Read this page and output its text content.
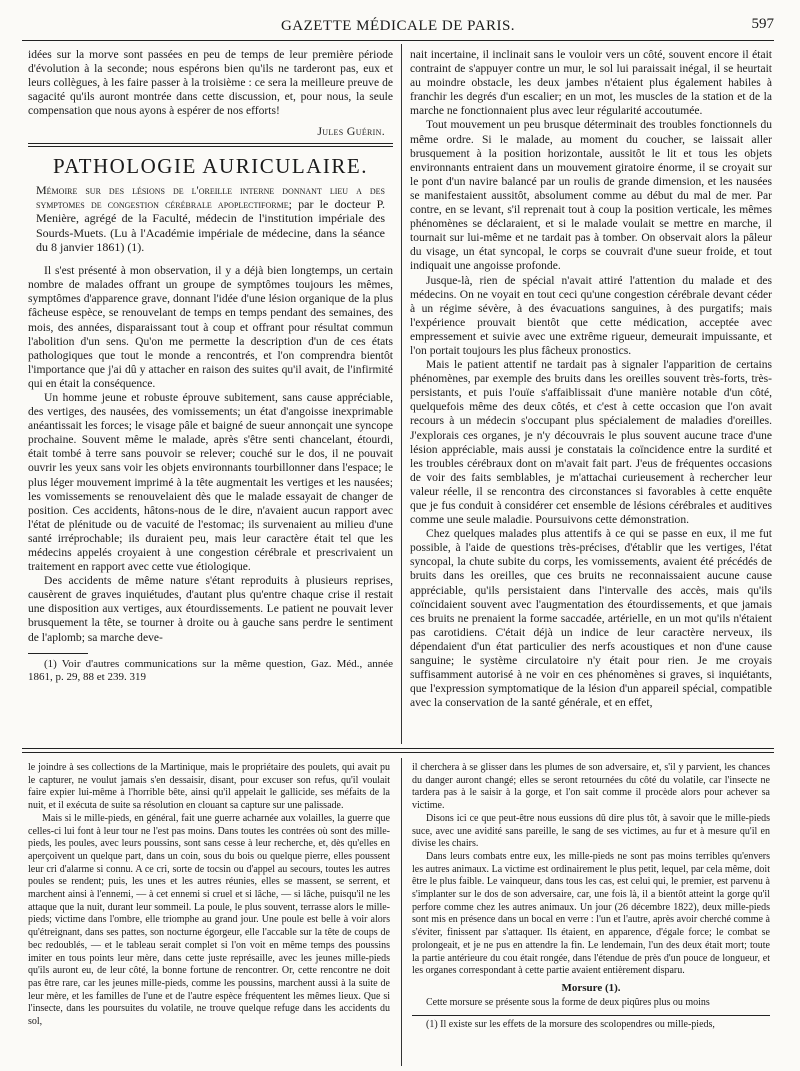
GAZETTE MÉDICALE DE PARIS.	597

idées sur la morve sont passées en peu de temps de leur première période d'évolution à la seconde; nous espérons bien qu'ils ne tarderont pas, eux et leurs collègues, à les faire passer à la troisième : ce sera la meilleure preuve de sagacité qu'ils auront montrée dans cette discussion, et, pour nous, la seule compensation que nous ayons à espérer de nos efforts!

Jules Guérin.

PATHOLOGIE AURICULAIRE.

Mémoire sur des lésions de l'oreille interne donnant lieu a des symptomes de congestion cérébrale apoplectiforme; par le docteur P. Menière, agrégé de la Faculté, médecin de l'institution impériale des Sourds-Muets. (Lu à l'Académie impériale de médecine, dans la séance du 8 janvier 1861) (1).

Il s'est présenté à mon observation, il y a déjà bien longtemps, un certain nombre de malades offrant un groupe de symptômes toujours les mêmes, symptômes d'apparence grave, donnant l'idée d'une lésion organique de la plus fâcheuse espèce, se renouvelant de temps en temps pendant des semaines, des mois, des années, disparaissant tout à coup et offrant pour résultat commun l'abolition d'un sens. Qu'on me permette la description d'un de ces états pathologiques que tout le monde a rencontrés, et l'on comprendra bientôt l'importance que j'ai dû y attacher en raison des suites qu'il avait, de l'infirmité qui en était la conséquence.

Un homme jeune et robuste éprouve subitement, sans cause appréciable, des vertiges, des nausées, des vomissements; un état d'angoisse inexprimable anéantissait les forces; le visage pâle et baigné de sueur annonçait une syncope prochaine. Souvent même le malade, après s'être senti chancelant, étourdi, était tombé à terre sans pouvoir se relever; couché sur le dos, il ne pouvait ouvrir les yeux sans voir les objets environnants tourbillonner dans l'espace; le plus léger mouvement imprimé à la tête augmentait les vertiges et les nausées; les vomissements se renouvelaient dès que le malade essayait de changer de position. Ces accidents, hâtons-nous de le dire, n'avaient aucun rapport avec l'état de plénitude ou de vacuité de l'estomac; ils survenaient au milieu d'une santé irréprochable; ils duraient peu, mais leur caractère était tel que les médecins appelés croyaient à une congestion cérébrale et prescrivaient un traitement en rapport avec cette vue étiologique.

Des accidents de même nature s'étant reproduits à plusieurs reprises, causèrent de graves inquiétudes, d'autant plus qu'entre chaque crise il restait une disposition aux vertiges, aux étourdissements. Le patient ne pouvait lever brusquement la tête, se tourner à droite ou à gauche sans perdre le sentiment de l'aplomb; sa marche deve-

(1) Voir d'autres communications sur la même question, Gaz. Méd., année 1861, p. 29, 88 et 239. 319

nait incertaine, il inclinait sans le vouloir vers un côté, souvent encore il était contraint de s'appuyer contre un mur, le sol lui paraissait inégal, il se heurtait au moindre obstacle, les deux jambes n'étaient plus également habiles à franchir les degrés d'un escalier; en un mot, les muscles de la station et de la marche ne fonctionnaient plus avec leur régularité accoutumée.

Tout mouvement un peu brusque déterminait des troubles fonctionnels du même ordre. Si le malade, au moment du coucher, se laissait aller brusquement à la position horizontale, aussitôt le lit et tous les objets environnants entraient dans un mouvement giratoire énorme, il se croyait sur le pont d'un navire balancé par un roulis de grande dimension, et les nausées se manifestaient aussitôt, absolument comme au début du mal de mer. Par contre, en se levant, s'il reprenait tout à coup la position verticale, les mêmes phénomènes se déclaraient, et si le malade voulait se mettre en marche, il tournait sur lui-même et ne tardait pas à tomber. On observait alors la pâleur du visage, un état syncopal, le corps se couvrait d'une sueur froide, et tout indiquait une angoisse profonde.

Jusque-là, rien de spécial n'avait attiré l'attention du malade et des médecins. On ne voyait en tout ceci qu'une congestion cérébrale devant céder à un régime sévère, à des évacuations sanguines, à des purgatifs; mais l'expérience prouvait bientôt que cette médication, acceptée avec empressement et suivie avec une extrême rigueur, demeurait impuissante, et l'on portait toujours les plus fâcheux pronostics.

Mais le patient attentif ne tardait pas à signaler l'apparition de certains phénomènes, par exemple des bruits dans les oreilles souvent très-forts, très-persistants, et puis l'ouïe s'affaiblissait d'une manière notable d'un côté, quelquefois même des deux côtés, et c'est à cette occasion que l'on avait recours à un médecin s'occupant plus spécialement de maladies d'oreilles. J'explorais ces organes, je n'y découvrais le plus souvent aucune trace d'une lésion appréciable, mais aussi je constatais la coïncidence entre la surdité et les troubles cérébraux dont on m'avait fait part. J'eus de fréquentes occasions de voir des faits semblables, je m'attachai curieusement à rechercher leur valeur réelle, il se rencontra des circonstances si favorables à cette enquête que je fus conduit à considérer cet ensemble de lésions cérébrales et auditives comme une seule maladie. Poursuivons cette démonstration.

Chez quelques malades plus attentifs à ce qui se passe en eux, il me fut possible, à l'aide de questions très-précises, d'établir que les vertiges, l'état syncopal, la chute subite du corps, les vomissements, avaient été précédés de bruits dans les oreilles, que ces bruits ne reconnaissaient aucune cause appréciable, qu'ils persistaient dans l'intervalle des accès, mais qu'ils coïncidaient souvent avec l'augmentation des étourdissements, et que jamais ces bruits ne prenaient la forme saccadée, artérielle, en un mot qu'ils n'étaient pas carotidiens. C'était déjà un indice de leur caractère nerveux, ils dépendaient d'un état particulier des nerfs acoustiques et non d'une cause sanguine; le système circulatoire n'y était pour rien. Je me croyais suffisamment autorisé à ne voir en ces phénomènes si graves, si inquiétants, que l'expression symptomatique de la lésion d'un appareil spécial, compatible avec la conservation de la santé générale, et en effet,

le joindre à ses collections de la Martinique, mais le propriétaire des poulets, qui avait pu le capturer, ne voulut jamais s'en dessaisir, disant, pour excuser son refus, qu'il voulait faire expier lui-même à l'horrible bête, ainsi qu'il appelait le gallicide, ses méfaits de la nuit, et il exécuta de suite sa résolution en clouant sa capture sur une palissade.

Mais si le mille-pieds, en général, fait une guerre acharnée aux volailles, la guerre que celles-ci lui font à leur tour ne l'est pas moins. Dans toutes les contrées où sont des mille-pieds, les poules, avec leurs poussins, sont sans cesse à leur recherche, et, dès qu'elles en aperçoivent un quelque part, dans un coin, sous du bois ou quelque pierre, elles poussent leur cri d'alarme si connu. A ce cri, sorte de tocsin ou d'appel au secours, toutes les autres poules se rendent; puis, les unes et les autres réunies, elles se massent, se serrent, et marchent ainsi à l'ennemi, — à cet ennemi si cruel et si lâche, — si lâche, puisqu'il ne les attaque que la nuit, durant leur sommeil. La poule, le plus souvent, terrasse alors le mille-pieds; victime dans l'ombre, elle triomphe au grand jour. Une poule est belle à voir alors qu'étreignant, dans ses pattes, son nocturne égorgeur, elle l'accable sur la tête de coups de bec redoublés, — et le tableau serait complet si l'on voit en même temps des poussins imiter en tous points leur mère, dans cette juste représaille, avec les jeunes mille-pieds qu'ils auront eu, de leur côté, la bonne fortune de rencontrer. Or, cette rencontre ne doit pas être rare, car les jeunes mille-pieds, comme les poussins, marchent aussi à la suite de leur mère, et les familles de l'une et de l'autre espèce fréquentent les mêmes lieux. Que si l'insecte, dans les poursuites du volatile, ne trouve quelque refuge dans les accidents du sol,

il cherchera à se glisser dans les plumes de son adversaire, et, s'il y parvient, les chances du danger auront changé; elles se seront retournées du côté du volatile, car l'insecte ne tardera pas à le saisir à la gorge, et l'on sait comme il procède alors pour achever sa victime.

Disons ici ce que peut-être nous eussions dû dire plus tôt, à savoir que le mille-pieds suce, avec une avidité sans pareille, le sang de ses victimes, au fur et à mesure qu'il en divise les chairs.

Dans leurs combats entre eux, les mille-pieds ne sont pas moins terribles qu'envers les autres animaux. La victime est ordinairement le plus petit, lequel, par cela même, doit être le plus faible. Le vainqueur, dans tous les cas, est celui qui, le premier, est parvenu à s'implanter sur le dos de son adversaire, car, une fois là, il a bientôt atteint la gorge qu'il perfore comme chez les autres animaux. Un jour (26 décembre 1822), deux mille-pieds sont mis en présence dans un bocal en verre : l'un et l'autre, après avoir cherché comme à s'éviter, finissent par s'attaquer. Ils étaient, en apparence, d'égale force; le combat se prolongeait, et je ne pus en attendre la fin. Le lendemain, l'un des deux était mort; toute la partie antérieure du cou était rongée, dans l'étendue de près d'un pouce de longueur, et les organes correspondant à cette partie avaient entièrement disparu.

Morsure (1).

Cette morsure se présente sous la forme de deux piqûres plus ou moins

(1) Il existe sur les effets de la morsure des scolopendres ou mille-pieds,
